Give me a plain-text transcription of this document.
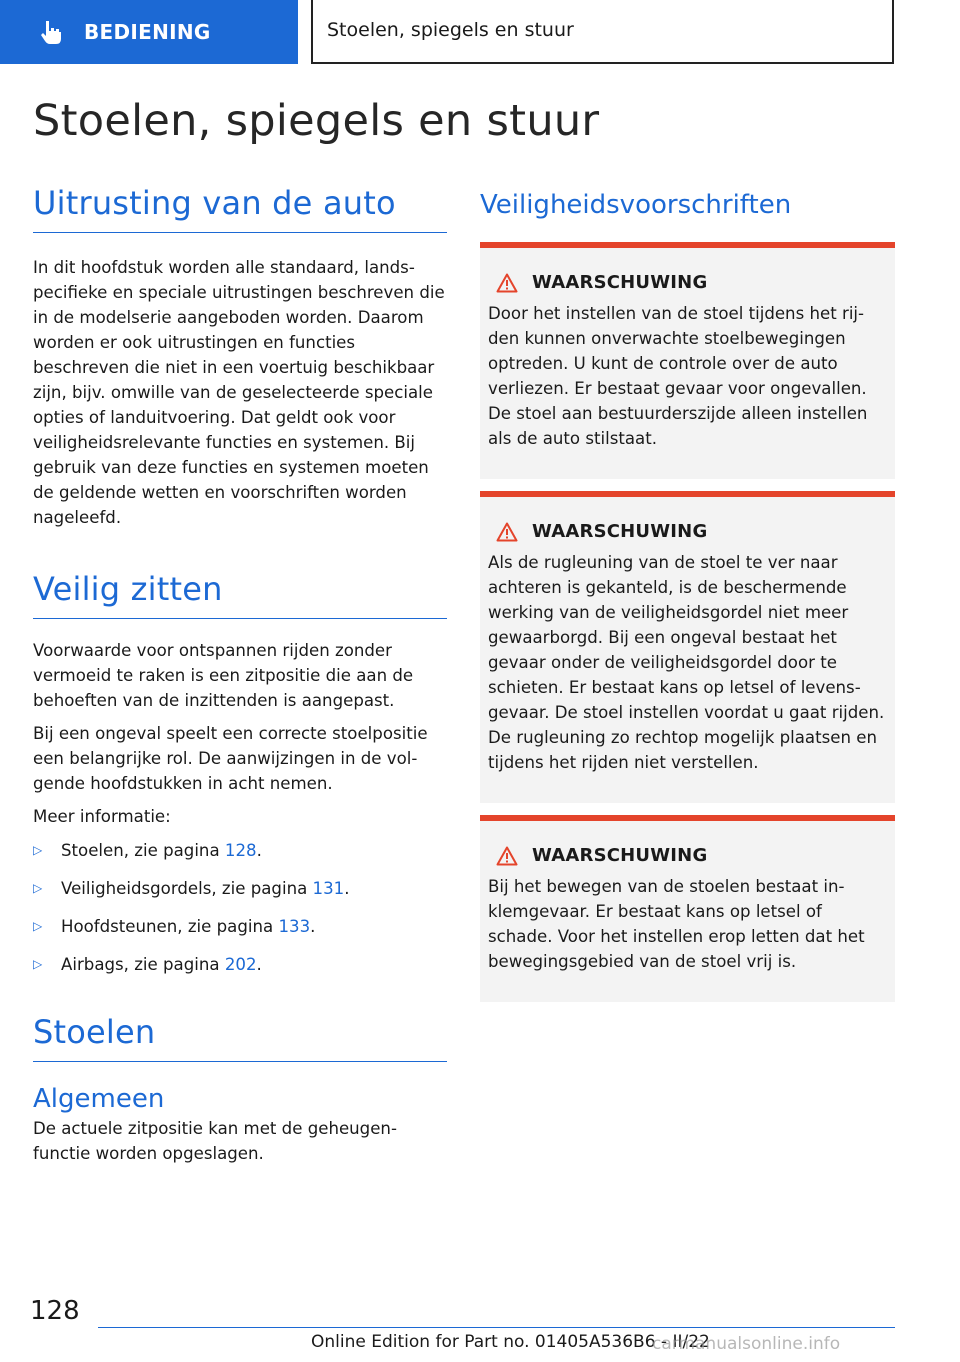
BEDIENING	Stoelen, spiegels en stuur
Stoelen, spiegels en stuur
Uitrusting van de auto

In dit hoofdstuk worden alle standaard, landspecifieke en speciale uitrustingen beschreven die in de modelserie aangeboden worden. Daarom worden er ook uitrustingen en functies beschreven die niet in een voertuig beschikbaar zijn, bijv. omwille van de geselecteerde speciale opties of landuitvoering. Dat geldt ook voor veiligheidsrelevante functies en systemen. Bij gebruik van deze functies en systemen moeten de geldende wetten en voorschriften worden nageleefd.

Veilig zitten

Voorwaarde voor ontspannen rijden zonder vermoeid te raken is een zitpositie die aan de behoeften van de inzittenden is aangepast.

Bij een ongeval speelt een correcte stoelpositie een belangrijke rol. De aanwijzingen in de volgende hoofdstukken in acht nemen.

Meer informatie:

▷	Stoelen, zie pagina 128.
▷	Veiligheidsgordels, zie pagina 131.
▷	Hoofdsteunen, zie pagina 133.
▷	Airbags, zie pagina 202.
Stoelen
Algemeen

De actuele zitpositie kan met de geheugenfunctie worden opgeslagen.

Veiligheidsvoorschriften
WAARSCHUWING

Door het instellen van de stoel tijdens het rijden kunnen onverwachte stoelbewegingen optreden. U kunt de controle over de auto verliezen. Er bestaat gevaar voor ongevallen. De stoel aan bestuurderszijde alleen instellen als de auto stilstaat.

WAARSCHUWING

Als de rugleuning van de stoel te ver naar achteren is gekanteld, is de beschermende werking van de veiligheidsgordel niet meer gewaarborgd. Bij een ongeval bestaat het gevaar onder de veiligheidsgordel door te schieten. Er bestaat kans op letsel of levensgevaar. De stoel instellen voordat u gaat rijden. De rugleuning zo rechtop mogelijk plaatsen en tijdens het rijden niet verstellen.

WAARSCHUWING

Bij het bewegen van de stoelen bestaat inklemgevaar. Er bestaat kans op letsel of schade. Voor het instellen erop letten dat het bewegingsgebied van de stoel vrij is.

128
Online Edition for Part no. 01405A536B6 - II/22
carmanualsonline.info
